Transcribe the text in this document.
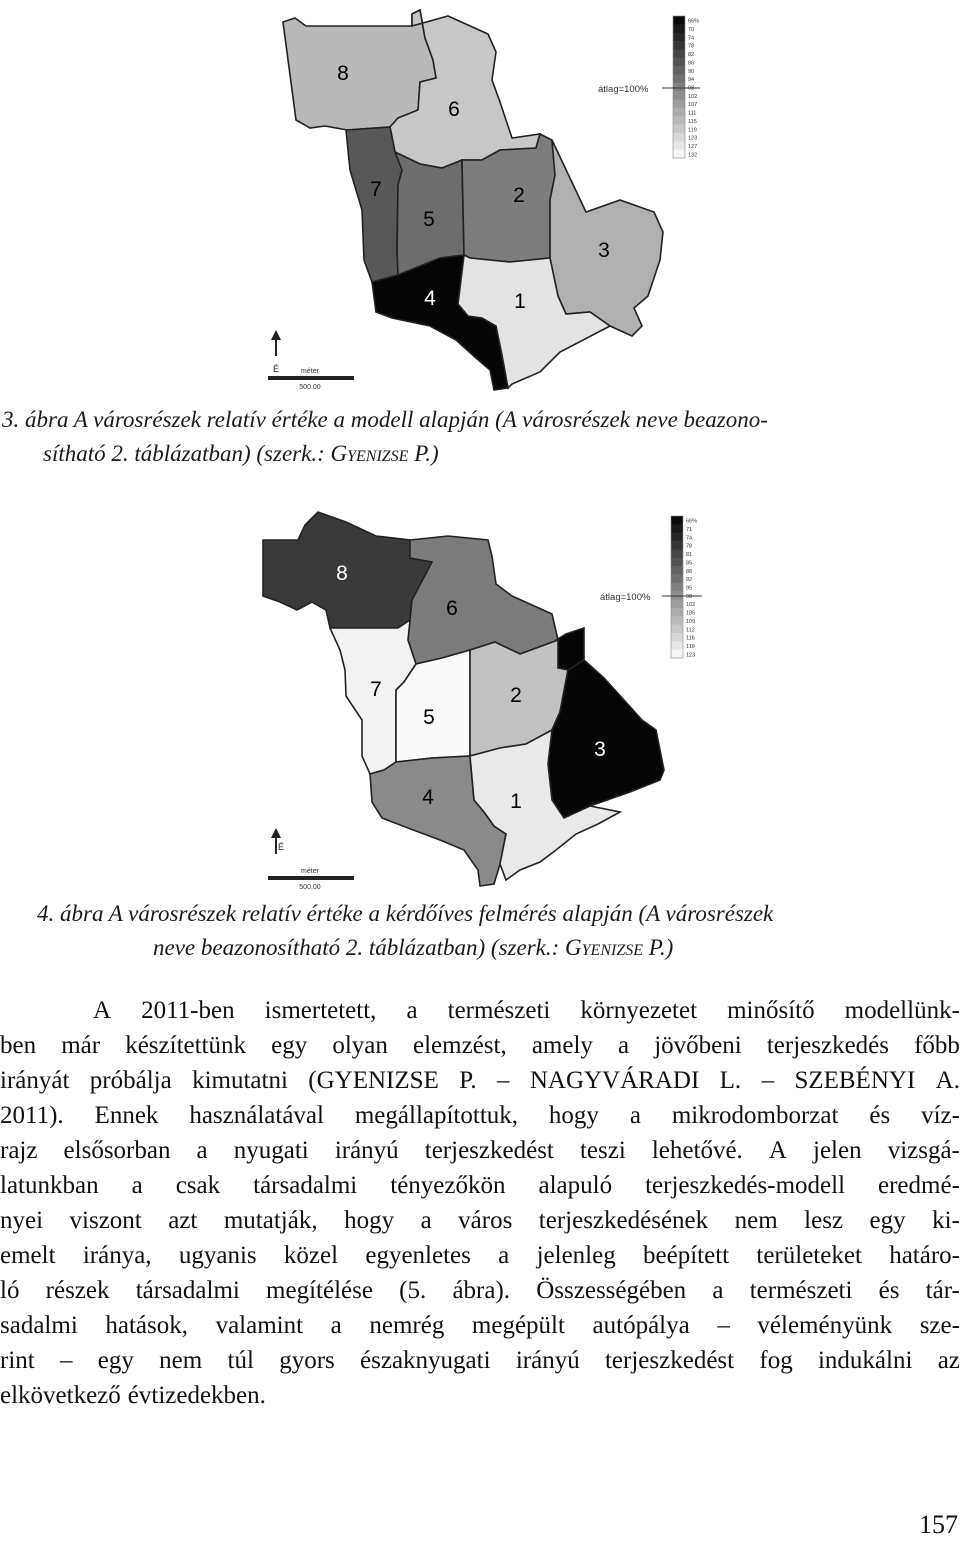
8
6
7
5
2
3
4	1
66%
70
74
78
82
86
90
94
98
102
107
111
115
119
123
127
132
átlag=100%
É	méter
500.00
3. ábra A városrészek relatív értéke a modell alapján (A városrészek neve beazono-
sítható 2. táblázatban) (szerk.: Gyenizse P.)
8
6
7
5
2
3
4	1
66%
71
74
78
81
85
88
92
95
98
102
105
109
112
116
119
123
átlag=100%
É
méter
500.00
4. ábra A városrészek relatív értéke a kérdőíves felmérés alapján (A városrészek
neve beazonosítható 2. táblázatban) (szerk.: Gyenizse P.)
A 2011-ben ismertetett, a természeti környezetet minősítő modellünk-
ben már készítettünk egy olyan elemzést, amely a jövőbeni terjeszkedés főbb
irányát próbálja kimutatni (GYENIZSE P. – NAGYVÁRADI L. – SZEBÉNYI A.
2011). Ennek használatával megállapítottuk, hogy a mikrodomborzat és víz-
rajz elsősorban a nyugati irányú terjeszkedést teszi lehetővé. A jelen vizsgá-
latunkban a csak társadalmi tényezőkön alapuló terjeszkedés-modell eredmé-
nyei viszont azt mutatják, hogy a város terjeszkedésének nem lesz egy ki-
emelt iránya, ugyanis közel egyenletes a jelenleg beépített területeket határo-
ló részek társadalmi megítélése (5. ábra). Összességében a természeti és tár-
sadalmi hatások, valamint a nemrég megépült autópálya – véleményünk sze-
rint – egy nem túl gyors északnyugati irányú terjeszkedést fog indukálni az
elkövetkező évtizedekben.
157
